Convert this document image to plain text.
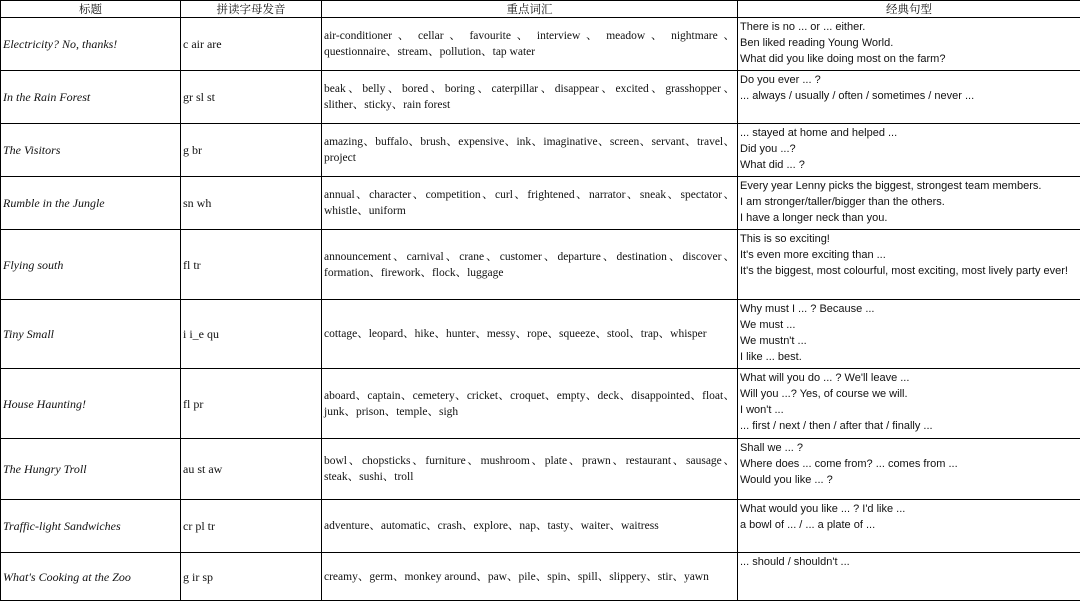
标题	拼读字母发音	重点词汇	经典句型
Electricity? No, thanks!	c air are	air-conditioner 、 cellar 、 favourite 、 interview 、 meadow 、 nightmare 、questionnaire、stream、pollution、tap water	There is no ... or ... either.
Ben liked reading Young World.
What did you like doing most on the farm?

In the Rain Forest	gr sl st	beak、belly、bored、boring、caterpillar、disappear、excited、grasshopper、slither、sticky、rain forest	Do you ever ... ?
... always / usually / often / sometimes / never ...

The Visitors	g br	amazing、buffalo、brush、expensive、ink、imaginative、screen、servant、travel、project	... stayed at home and helped ...
Did you ...?
What did ... ?

Rumble in the Jungle	sn wh	annual、character、competition、curl、frightened、narrator、sneak、spectator、whistle、uniform	Every year Lenny picks the biggest, strongest team members.
I am stronger/taller/bigger than the others.
I have a longer neck than you.

Flying south	fl tr	announcement、carnival、crane、customer、departure、destination、discover、formation、firework、flock、luggage	This is so exciting!
It's even more exciting than ...
It's the biggest, most colourful, most exciting, most lively party ever!

Tiny Small	i i_e qu	cottage、leopard、hike、hunter、messy、rope、squeeze、stool、trap、whisper	Why must I ... ? Because ...
We must ...
We mustn't ...
I like ... best.

House Haunting!	fl pr	aboard、captain、cemetery、cricket、croquet、empty、deck、disappointed、float、junk、prison、temple、sigh	What will you do ... ? We'll leave ...
Will you ...? Yes, of course we will.
I won't ...
... first / next / then / after that / finally ...

The Hungry Troll	au st aw	bowl、chopsticks、furniture、mushroom、plate、prawn、restaurant、sausage、steak、sushi、troll	Shall we ... ?
Where does ... come from? ... comes from ...
Would you like ... ?

Traffic-light Sandwiches	cr pl tr	adventure、automatic、crash、explore、nap、tasty、waiter、waitress	What would you like ... ? I'd like ...
a bowl of ... / ... a plate of ...

What's Cooking at the Zoo	g ir sp	creamy、germ、monkey around、paw、pile、spin、spill、slippery、stir、yawn	... should / shouldn't ...
